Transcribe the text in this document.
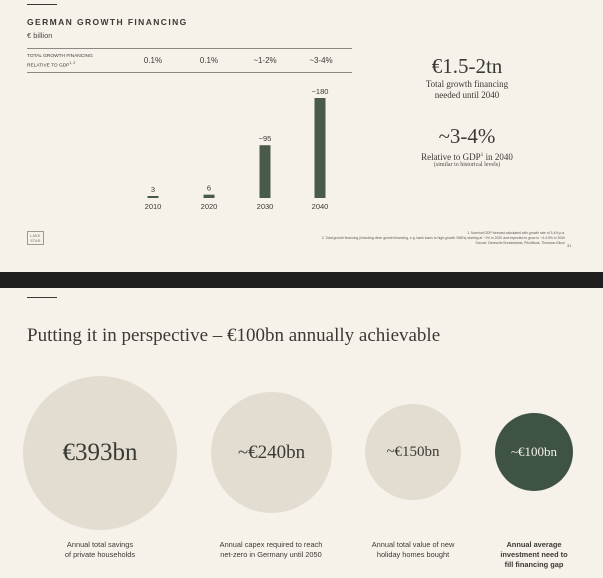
GERMAN GROWTH FINANCING
€ billion
TOTAL GROWTH FINANCING
RELATIVE TO GDP$^{1, 2}$	0.1%	0.1%	~1-2%	~3-4%
3
2010
6
2020
~95
2030
~180
2040
€1.5-2tn
Total growth financing
needed until 2040
~3-4%
Relative to GDP$^1$ in 2040
(similar to historical levels)
LAKE
STAR
1. Nominal GDP forecast calculated with growth rate of 3-4% p.a.
2. Total growth financing (including other growth financing, e.g. bank loans to high-growth SMEs) starting at ~1% in 2020 and expected to grow to ~4-4.5% in 2040
Source: Deutsche Bundesbank, PitchBook, Thomson-Eikon
31
Putting it in perspective – €100bn annually achievable
€393bn	~€240bn	~€150bn	~€100bn
Annual total savings
of private households
Annual capex required to reach
net-zero in Germany until 2050
Annual total value of new
holiday homes bought
Annual average
investment need to
fill financing gap
